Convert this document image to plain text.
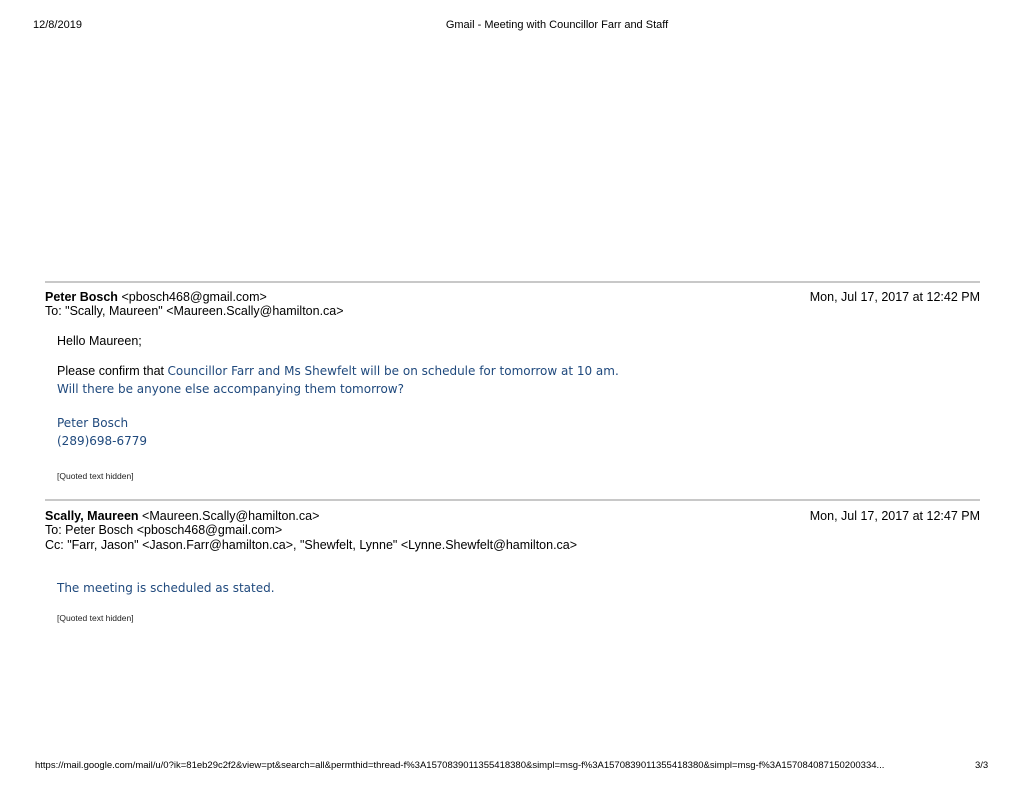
12/8/2019	Gmail - Meeting with Councillor Farr and Staff
Peter Bosch <pbosch468@gmail.com>	Mon, Jul 17, 2017 at 12:42 PM
To: "Scally, Maureen" <Maureen.Scally@hamilton.ca>
Hello Maureen;
Please confirm that Councillor Farr and Ms Shewfelt will be on schedule for tomorrow at 10 am.
Will there be anyone else accompanying them tomorrow?
Peter Bosch
(289)698-6779
[Quoted text hidden]
Scally, Maureen <Maureen.Scally@hamilton.ca>	Mon, Jul 17, 2017 at 12:47 PM
To: Peter Bosch <pbosch468@gmail.com>
Cc: "Farr, Jason" <Jason.Farr@hamilton.ca>, "Shewfelt, Lynne" <Lynne.Shewfelt@hamilton.ca>
The meeting is scheduled as stated.
[Quoted text hidden]
https://mail.google.com/mail/u/0?ik=81eb29c2f2&view=pt&search=all&permthid=thread-f%3A1570839011355418380&simpl=msg-f%3A1570839011355418380&simpl=msg-f%3A157084087150200334...	3/3
